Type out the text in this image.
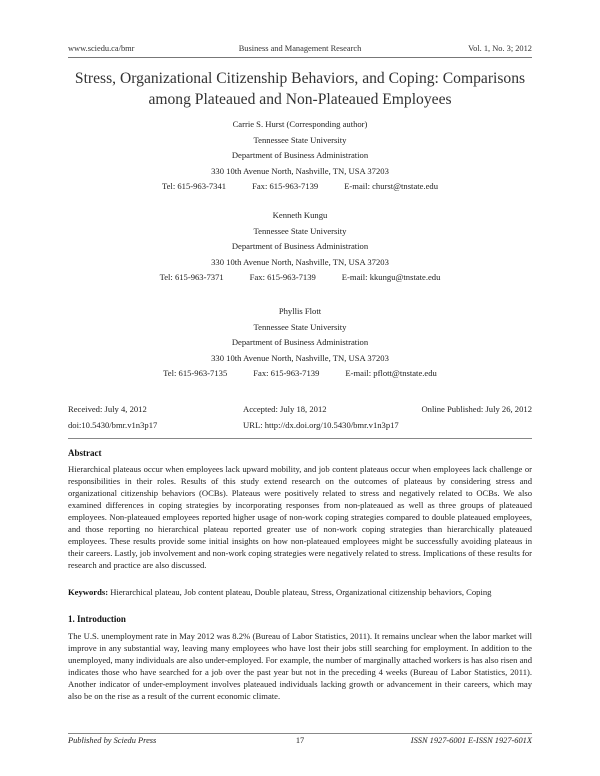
www.sciedu.ca/bmr	Business and Management Research	Vol. 1, No. 3; 2012
Stress, Organizational Citizenship Behaviors, and Coping: Comparisons
among Plateaued and Non-Plateaued Employees
Carrie S. Hurst (Corresponding author)
Tennessee State University
Department of Business Administration
330 10th Avenue North, Nashville, TN, USA 37203
Tel: 615-963-7341	Fax: 615-963-7139	E-mail: churst@tnstate.edu
Kenneth Kungu
Tennessee State University
Department of Business Administration
330 10th Avenue North, Nashville, TN, USA 37203
Tel: 615-963-7371	Fax: 615-963-7139	E-mail: kkungu@tnstate.edu
Phyllis Flott
Tennessee State University
Department of Business Administration
330 10th Avenue North, Nashville, TN, USA 37203
Tel: 615-963-7135	Fax: 615-963-7139	E-mail: pflott@tnstate.edu
Received: July 4, 2012	Accepted: July 18, 2012	Online Published: July 26, 2012
doi:10.5430/bmr.v1n3p17	URL: http://dx.doi.org/10.5430/bmr.v1n3p17
Abstract
Hierarchical plateaus occur when employees lack upward mobility, and job content plateaus occur when employees lack challenge or responsibilities in their roles. Results of this study extend research on the outcomes of plateaus by considering stress and organizational citizenship behaviors (OCBs). Plateaus were positively related to stress and negatively related to OCBs. We also examined differences in coping strategies by incorporating responses from non-plateaued as well as three groups of plateaued employees. Non-plateaued employees reported higher usage of non-work coping strategies compared to double plateaued employees, and those reporting no hierarchical plateau reported greater use of non-work coping strategies than hierarchically plateaued employees. These results provide some initial insights on how non-plateaued employees might be successfully avoiding plateaus in their careers. Lastly, job involvement and non-work coping strategies were negatively related to stress. Implications of these results for research and practice are also discussed.
Keywords: Hierarchical plateau, Job content plateau, Double plateau, Stress, Organizational citizenship behaviors, Coping
1. Introduction
The U.S. unemployment rate in May 2012 was 8.2% (Bureau of Labor Statistics, 2011). It remains unclear when the labor market will improve in any substantial way, leaving many employees who have lost their jobs still searching for employment. In addition to the unemployed, many individuals are also under-employed. For example, the number of marginally attached workers is has also risen and indicates those who have searched for a job over the past year but not in the preceding 4 weeks (Bureau of Labor Statistics, 2011). Another indicator of under-employment involves plateaued individuals lacking growth or advancement in their careers, which may also be on the rise as a result of the current economic climate.
Published by Sciedu Press	17	ISSN 1927-6001 E-ISSN 1927-601X
